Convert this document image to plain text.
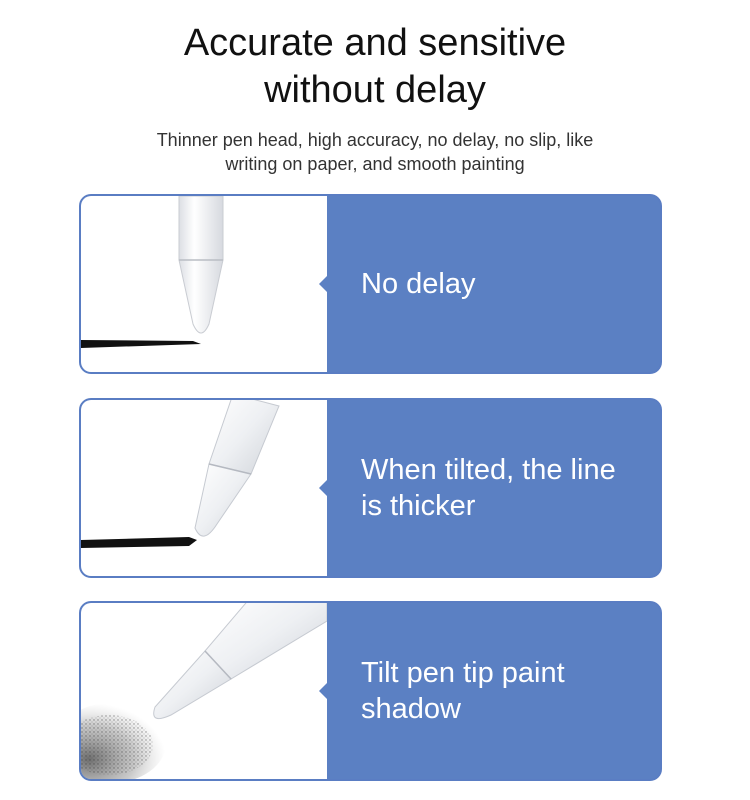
Accurate and sensitive
without delay

Thinner pen head, high accuracy, no delay, no slip, like
writing on paper, and smooth painting

No delay
When tilted, the line
is thicker
Tilt pen tip paint
shadow
